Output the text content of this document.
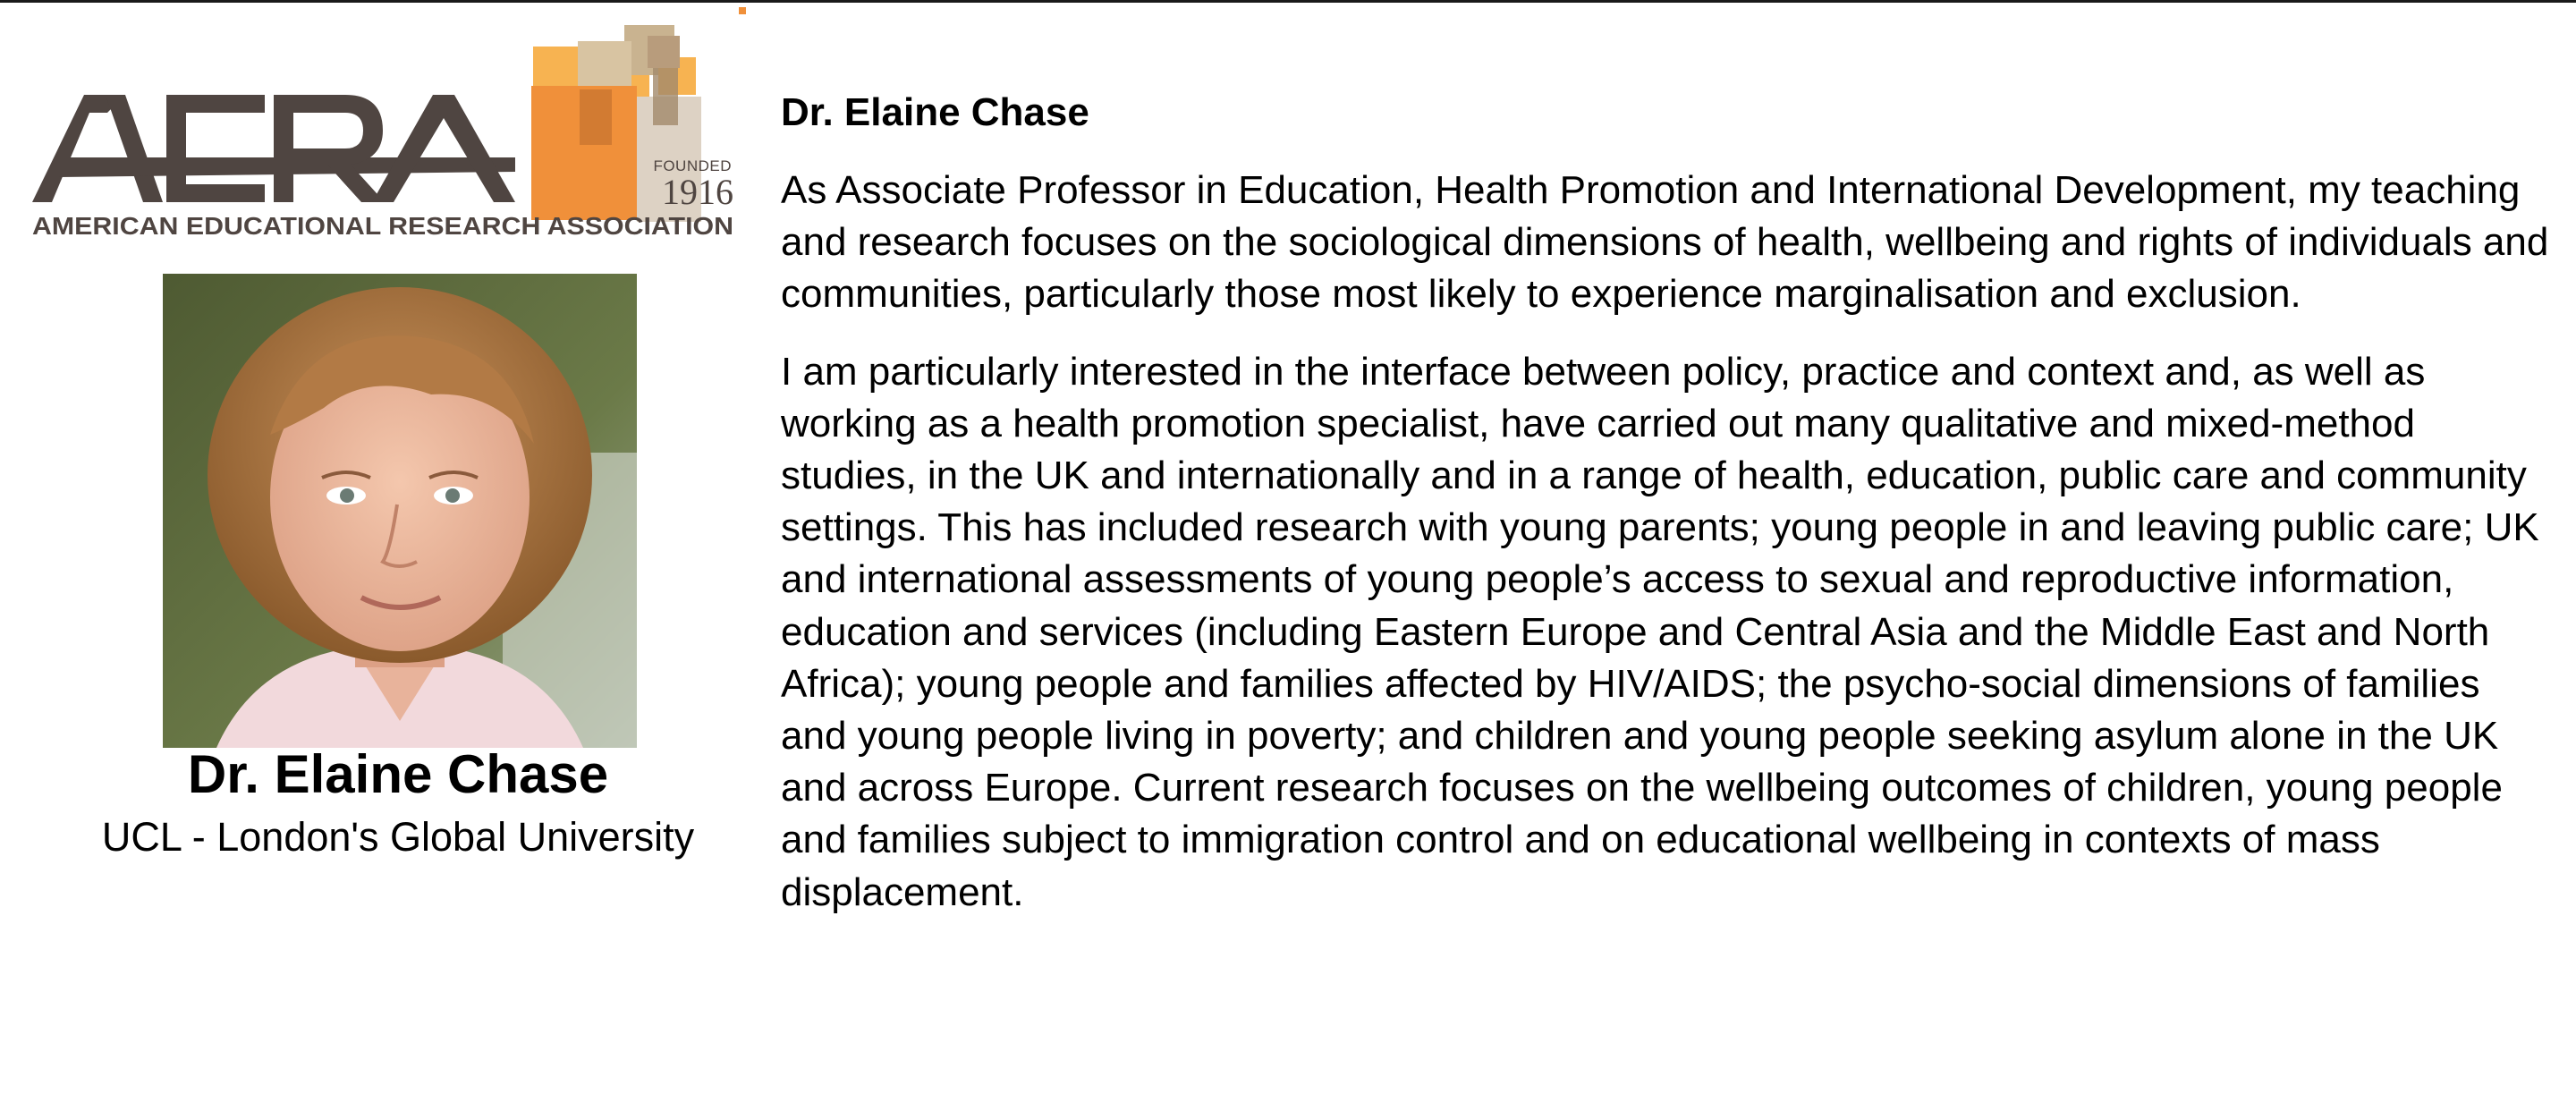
FOUNDED
1916
AMERICAN EDUCATIONAL RESEARCH ASSOCIATION
Dr. Elaine Chase
UCL - London's Global University

Dr. Elaine Chase

As Associate Professor in Education, Health Promotion and International Development, my teaching and research focuses on the sociological dimensions of health, wellbeing and rights of individuals and communities, particularly those most likely to experience marginalisation and exclusion.

I am particularly interested in the interface between policy, practice and context and, as well as working as a health promotion specialist, have carried out many qualitative and mixed-method studies, in the UK and internationally and in a range of health, education, public care and community settings. This has included research with young parents; young people in and leaving public care; UK and international assessments of young people’s access to sexual and reproductive information, education and services (including Eastern Europe and Central Asia and the Middle East and North Africa); young people and families affected by HIV/AIDS; the psycho-social dimensions of families and young people living in poverty; and children and young people seeking asylum alone in the UK and across Europe. Current research focuses on the wellbeing outcomes of children, young people and families subject to immigration control and on educational wellbeing in contexts of mass displacement.
